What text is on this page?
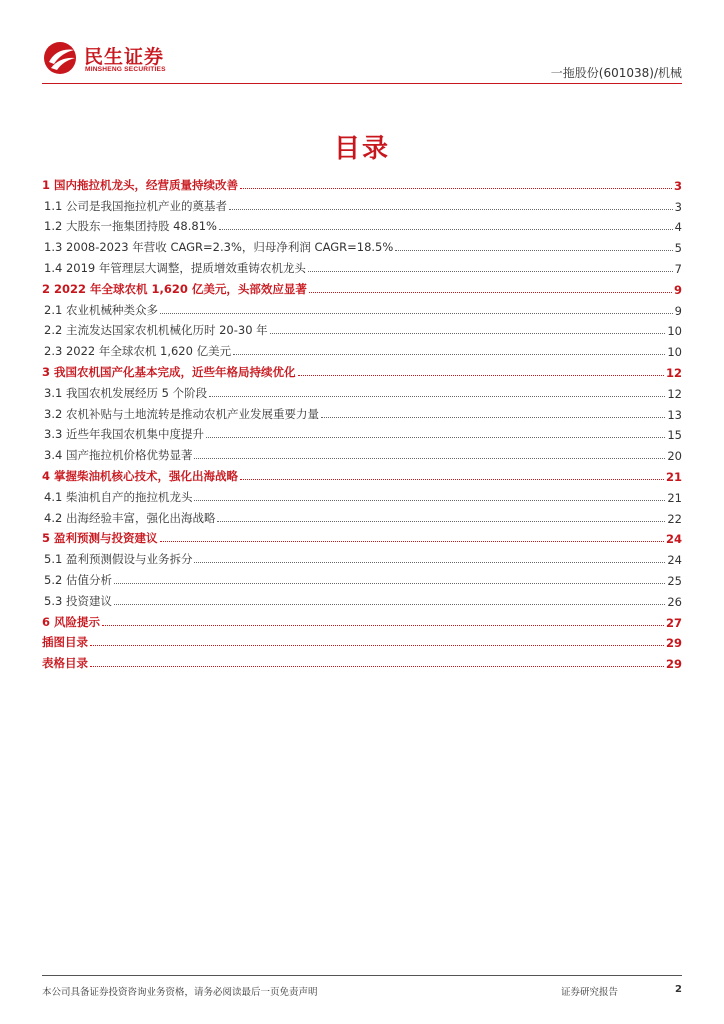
民生证券
MINSHENG SECURITIES	一拖股份(601038)/机械
目录
1 国内拖拉机龙头，经营质量持续改善	3
1.1 公司是我国拖拉机产业的奠基者	3
1.2 大股东一拖集团持股 48.81%	4
1.3 2008-2023 年营收 CAGR=2.3%，归母净利润 CAGR=18.5%	5
1.4 2019 年管理层大调整，提质增效重铸农机龙头	7
2 2022 年全球农机 1,620 亿美元，头部效应显著	9
2.1 农业机械种类众多	9
2.2 主流发达国家农机机械化历时 20-30 年	10
2.3 2022 年全球农机 1,620 亿美元	10
3 我国农机国产化基本完成，近些年格局持续优化	12
3.1 我国农机发展经历 5 个阶段	12
3.2 农机补贴与土地流转是推动农机产业发展重要力量	13
3.3 近些年我国农机集中度提升	15
3.4 国产拖拉机价格优势显著	20
4 掌握柴油机核心技术，强化出海战略	21
4.1 柴油机自产的拖拉机龙头	21
4.2 出海经验丰富，强化出海战略	22
5 盈利预测与投资建议	24
5.1 盈利预测假设与业务拆分	24
5.2 估值分析	25
5.3 投资建议	26
6 风险提示	27
插图目录	29
表格目录	29
本公司具备证券投资咨询业务资格，请务必阅读最后一页免责声明	证券研究报告	2
